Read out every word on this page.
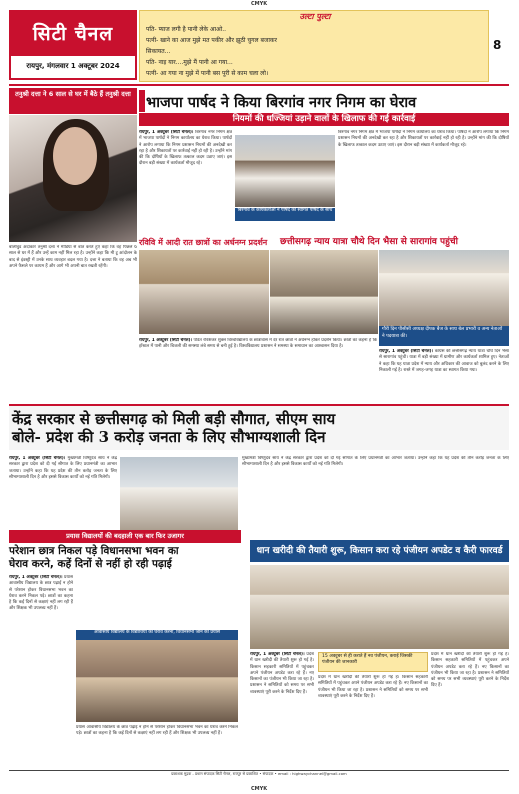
CMYK
सिटी चैनल
रायपुर, मंगलवार 1 अक्टूबर 2024
उल्टा पुल्टा
पति- प्याज लगी है पानी लेके आओ..
पत्नी- खाने का आज मुझे मत पकीर और झूठी चुगल बजाकर
सिकायत...
पति- नाइ यार....मुझे मैं पानी आ गया...
पत्नी- आ गया ना मुझे में पानी बस पूरी से काम चला लो।
8
तनुश्री दत्ता ने 6 साल से घर में बैठे हैं तनुश्री दत्ता
बॉलीवुड अदाकार तनुश्री दत्ता ने मीडिया से बात करते हुए कहा कि वह पिछले 6 साल से घर में हैं और उन्हें काम नहीं मिल रहा है। उन्होंने कहा कि मी टू आंदोलन के बाद से इंडस्ट्री में उनके साथ व्यवहार बदल गया है। दत्ता ने बताया कि वह अब भी अपने फैसले पर कायम हैं और आगे भी अपनी बात रखती रहेंगी।
भाजपा पार्षद ने किया बिरगांव नगर निगम का घेराव
नियमों की धज्जियां उड़ाने वालों के खिलाफ की गई कार्रवाई
रायपुर, 1 अक्टूबर (सिटी चैनल)। बिरगांव नगर निगम क्षेत्र में भाजपा पार्षदों ने निगम कार्यालय का घेराव किया। पार्षदों ने आरोप लगाया कि निगम प्रशासन नियमों की अनदेखी कर रहा है और शिकायतों पर कार्रवाई नहीं हो रही है। उन्होंने मांग की कि दोषियों के खिलाफ तत्काल कदम उठाए जाएं। इस दौरान बड़ी संख्या में कार्यकर्ता मौजूद रहे।
बिरगांव के कार्यकर्ताओं ने पार्षद का स्वागत पार्षद के साथ
बिरगांव नगर निगम क्षेत्र में भाजपा पार्षदों ने निगम कार्यालय का घेराव किया। पार्षदों ने आरोप लगाया कि निगम प्रशासन नियमों की अनदेखी कर रहा है और शिकायतों पर कार्रवाई नहीं हो रही है। उन्होंने मांग की कि दोषियों के खिलाफ तत्काल कदम उठाए जाएं। इस दौरान बड़ी संख्या में कार्यकर्ता मौजूद रहे।
रविवि में आदी रात छात्रों का अर्धनग्न प्रदर्शन
रायपुर, 1 अक्टूबर (सिटी चैनल)। पंडित रविशंकर शुक्ल विश्वविद्यालय के छात्रावास में देर रात छात्रों ने अर्धनग्न होकर प्रदर्शन किया। छात्रों का कहना है कि हॉस्टल में पानी और बिजली की समस्या लंबे समय से बनी हुई है। विश्वविद्यालय प्रशासन ने समस्या के समाधान का आश्वासन दिया है।
छत्तीसगढ़ न्याय यात्रा चौथे दिन भैसा से सारागांव पहुंची
गौरी दिन पीसीसी अध्यक्ष दीपक बैज के साथ बेल प्रभारी व अन्य नेताओं ने पदयात्रा की।
रायपुर, 1 अक्टूबर (सिटी चैनल)। कांग्रेस की छत्तीसगढ़ न्याय यात्रा चौथे दिन भैसा से सारागांव पहुंची। यात्रा में बड़ी संख्या में ग्रामीण और कार्यकर्ता शामिल हुए। नेताओं ने कहा कि यह यात्रा प्रदेश में न्याय और अधिकार की आवाज को बुलंद करने के लिए निकाली गई है। रास्ते में जगह-जगह यात्रा का स्वागत किया गया।
केंद्र सरकार से छत्तीसगढ़ को मिली बड़ी सौगात, सीएम साय
बोले- प्रदेश की 3 करोड़ जनता के लिए सौभाग्यशाली दिन
रायपुर, 1 अक्टूबर (सिटी चैनल)। मुख्यमंत्री विष्णुदेव साय ने केंद्र सरकार द्वारा प्रदेश को दी गई सौगात के लिए प्रधानमंत्री का आभार जताया। उन्होंने कहा कि यह प्रदेश की तीन करोड़ जनता के लिए सौभाग्यशाली दिन है और इससे विकास कार्यों को नई गति मिलेगी।
मुख्यमंत्री विष्णुदेव साय ने केंद्र सरकार द्वारा प्रदेश को दी गई सौगात के लिए प्रधानमंत्री का आभार जताया। उन्होंने कहा कि यह प्रदेश की तीन करोड़ जनता के लिए सौभाग्यशाली दिन है और इससे विकास कार्यों को नई गति मिलेगी।
प्रयास विद्यालयों की बदहाली एक बार फिर उजागर
परेशान छात्र निकल पड़े विधानसभा भवन का
घेराव करने, कहें दिनों से नहीं हो रही पढ़ाई
रायपुर, 1 अक्टूबर (सिटी चैनल)। प्रयास आवासीय विद्यालय के छात्र पढ़ाई न होने से परेशान होकर विधानसभा भवन का घेराव करने निकल पड़े। छात्रों का कहना है कि कई दिनों से कक्षाएं नहीं लग रही हैं और शिक्षक भी उपलब्ध नहीं हैं।
आवासीय विद्यालय के विद्यार्थियों का घेराव करना, विधानसभा जाने का प्रयास
प्रयास आवासीय विद्यालय के छात्र पढ़ाई न होने से परेशान होकर विधानसभा भवन का घेराव करने निकल पड़े। छात्रों का कहना है कि कई दिनों से कक्षाएं नहीं लग रही हैं और शिक्षक भी उपलब्ध नहीं हैं।
धान खरीदी की तैयारी शुरू, किसान करा रहे पंजीयन अपडेट व कैरी फारवर्ड
रायपुर, 1 अक्टूबर (सिटी चैनल)। प्रदेश में धान खरीदी की तैयारी शुरू हो गई है। किसान सहकारी समितियों में पहुंचकर अपने पंजीयन अपडेट करा रहे हैं। नए किसानों का पंजीयन भी किया जा रहा है। प्रशासन ने समितियों को समय पर सभी व्यवस्थाएं पूरी करने के निर्देश दिए हैं।
15 अक्टूबर से ही कराते हैं नव पंजीयन, कराई जिसकी पंजीयन की जानकारी
प्रदेश में धान खरीदी की तैयारी शुरू हो गई है। किसान सहकारी समितियों में पहुंचकर अपने पंजीयन अपडेट करा रहे हैं। नए किसानों का पंजीयन भी किया जा रहा है। प्रशासन ने समितियों को समय पर सभी व्यवस्थाएं पूरी करने के निर्देश दिए हैं।
प्रदेश में धान खरीदी की तैयारी शुरू हो गई है। किसान सहकारी समितियों में पहुंचकर अपने पंजीयन अपडेट करा रहे हैं। नए किसानों का पंजीयन भी किया जा रहा है। प्रशासन ने समितियों को समय पर सभी व्यवस्थाएं पूरी करने के निर्देश दिए हैं।
प्रकाशक मुद्रक - प्रधान संपादक सिटी चैनल, रायपुर से प्रकाशित • संपादक • email : highwaychannel@gmail.com
CMYK
